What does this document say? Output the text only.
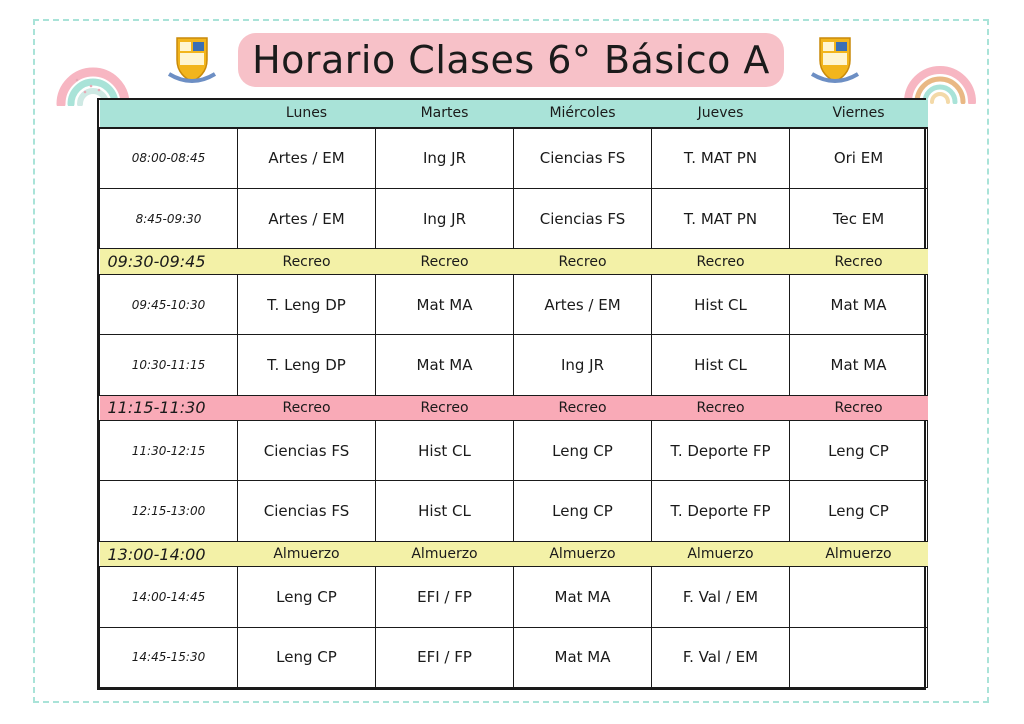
Horario Clases 6° Básico A
	Lunes	Martes	Miércoles	Jueves	Viernes
08:00-08:45	Artes / EM	Ing JR	Ciencias FS	T. MAT PN	Ori EM
8:45-09:30	Artes / EM	Ing JR	Ciencias FS	T. MAT PN	Tec EM
09:30-09:45	Recreo	Recreo	Recreo	Recreo	Recreo
09:45-10:30	T. Leng DP	Mat MA	Artes / EM	Hist CL	Mat MA
10:30-11:15	T. Leng DP	Mat MA	Ing JR	Hist CL	Mat MA
11:15-11:30	Recreo	Recreo	Recreo	Recreo	Recreo
11:30-12:15	Ciencias FS	Hist CL	Leng CP	T. Deporte FP	Leng CP
12:15-13:00	Ciencias FS	Hist CL	Leng CP	T. Deporte FP	Leng CP
13:00-14:00	Almuerzo	Almuerzo	Almuerzo	Almuerzo	Almuerzo
14:00-14:45	Leng CP	EFI / FP	Mat MA	F. Val / EM	
14:45-15:30	Leng CP	EFI / FP	Mat MA	F. Val / EM	
